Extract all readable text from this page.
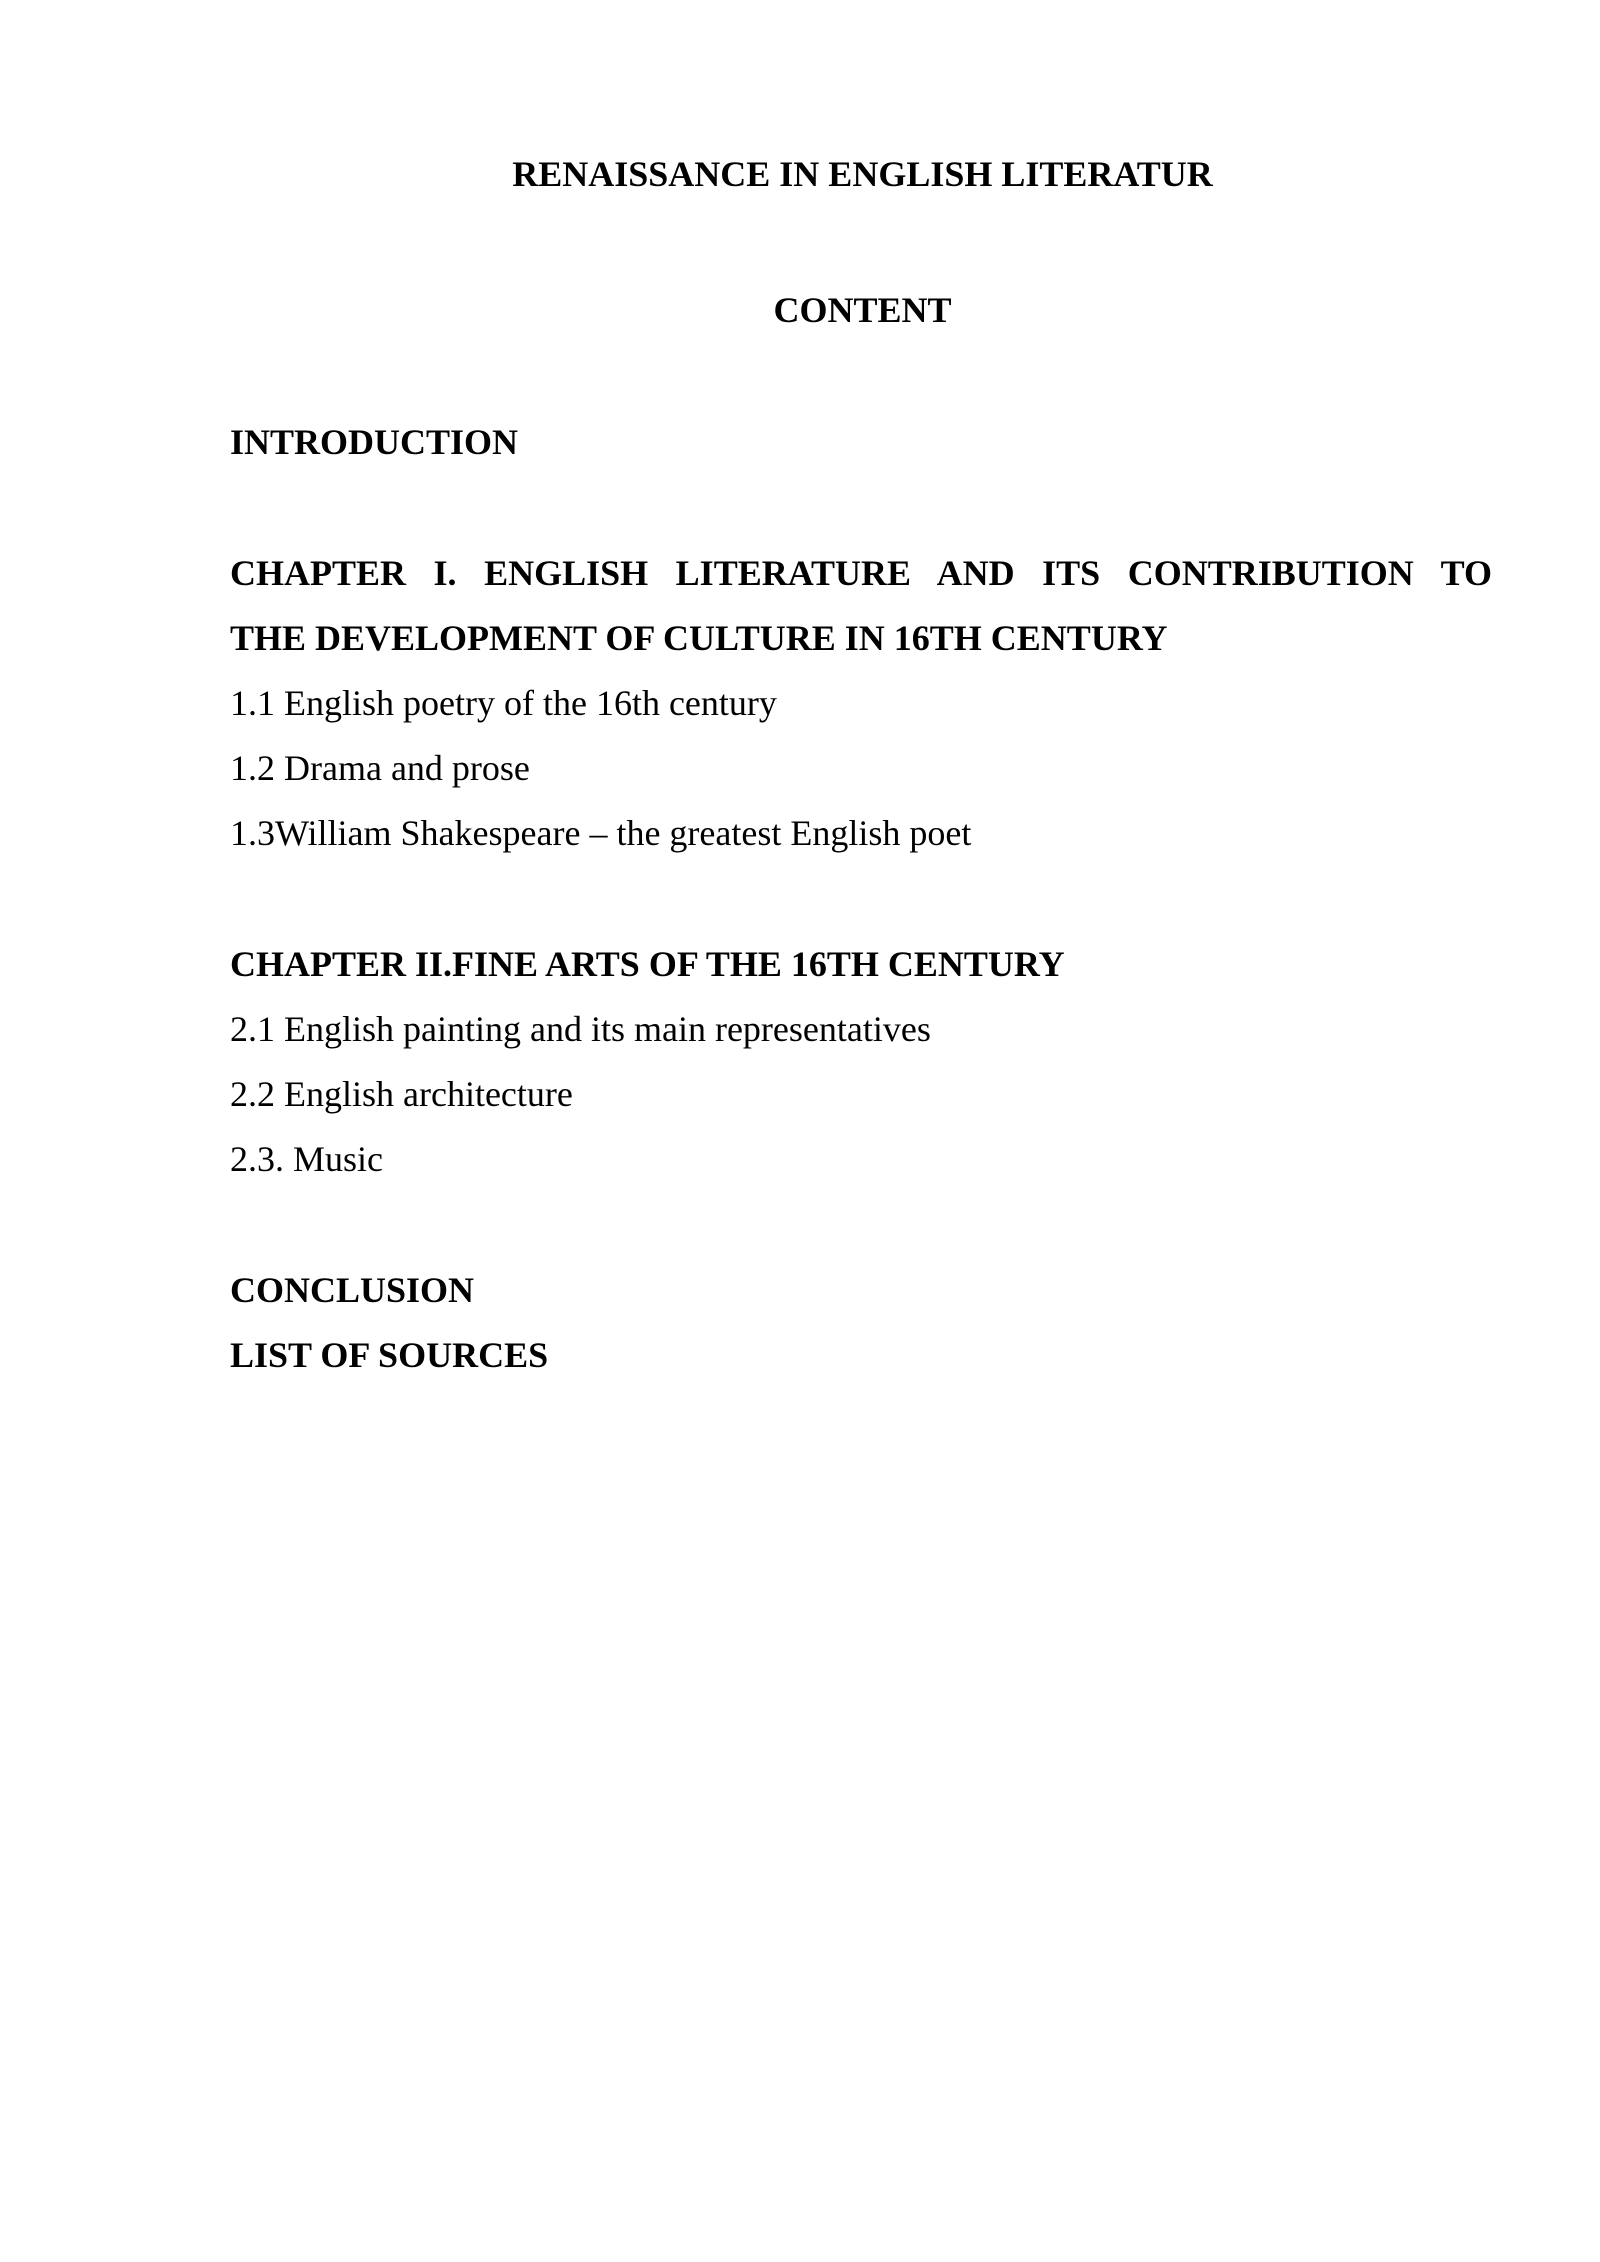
RENAISSANCE IN ENGLISH LITERATUR
CONTENT
INTRODUCTION
CHAPTER I. ENGLISH LITERATURE AND ITS CONTRIBUTION TO
THE DEVELOPMENT OF CULTURE IN 16TH CENTURY
1.1 English poetry of the 16th century
1.2 Drama and prose
1.3William Shakespeare – the greatest English poet
CHAPTER II.FINE ARTS OF THE 16TH CENTURY
2.1 English painting and its main representatives
2.2 English architecture
2.3. Music
CONCLUSION
LIST OF SOURCES
